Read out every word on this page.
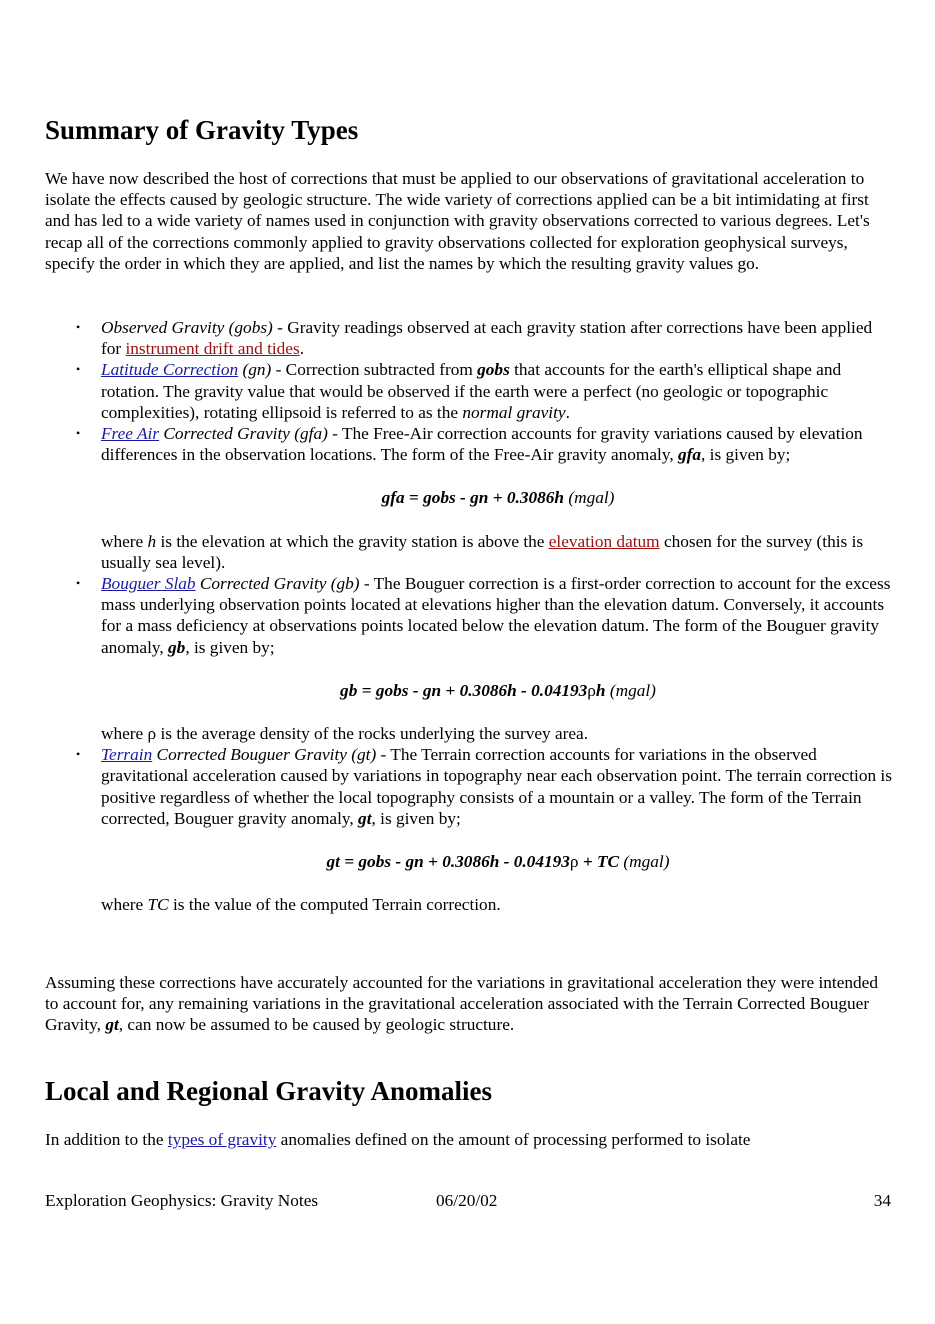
Summary of Gravity Types

We have now described the host of corrections that must be applied to our observations of gravitational acceleration to isolate the effects caused by geologic structure. The wide variety of corrections applied can be a bit intimidating at first and has led to a wide variety of names used in conjunction with gravity observations corrected to various degrees. Let's recap all of the corrections commonly applied to gravity observations collected for exploration geophysical surveys, specify the order in which they are applied, and list the names by which the resulting gravity values go.

• Observed Gravity (gobs) - Gravity readings observed at each gravity station after corrections have been applied for instrument drift and tides.
• Latitude Correction (gn) - Correction subtracted from gobs that accounts for the earth's elliptical shape and rotation. The gravity value that would be observed if the earth were a perfect (no geologic or topographic complexities), rotating ellipsoid is referred to as the normal gravity.
• Free Air Corrected Gravity (gfa) - The Free-Air correction accounts for gravity variations caused by elevation differences in the observation locations. The form of the Free-Air gravity anomaly, gfa, is given by;
gfa = gobs - gn + 0.3086h (mgal)
where h is the elevation at which the gravity station is above the elevation datum chosen for the survey (this is usually sea level).
• Bouguer Slab Corrected Gravity (gb) - The Bouguer correction is a first-order correction to account for the excess mass underlying observation points located at elevations higher than the elevation datum. Conversely, it accounts for a mass deficiency at observations points located below the elevation datum. The form of the Bouguer gravity anomaly, gb, is given by;
gb = gobs - gn + 0.3086h - 0.04193ρh (mgal)
where ρ is the average density of the rocks underlying the survey area.
• Terrain Corrected Bouguer Gravity (gt) - The Terrain correction accounts for variations in the observed gravitational acceleration caused by variations in topography near each observation point. The terrain correction is positive regardless of whether the local topography consists of a mountain or a valley. The form of the Terrain corrected, Bouguer gravity anomaly, gt, is given by;
gt = gobs - gn + 0.3086h - 0.04193ρ + TC (mgal)
where TC is the value of the computed Terrain correction.

Assuming these corrections have accurately accounted for the variations in gravitational acceleration they were intended to account for, any remaining variations in the gravitational acceleration associated with the Terrain Corrected Bouguer Gravity, gt, can now be assumed to be caused by geologic structure.

Local and Regional Gravity Anomalies

In addition to the types of gravity anomalies defined on the amount of processing performed to isolate

Exploration Geophysics: Gravity Notes	06/20/02	34
